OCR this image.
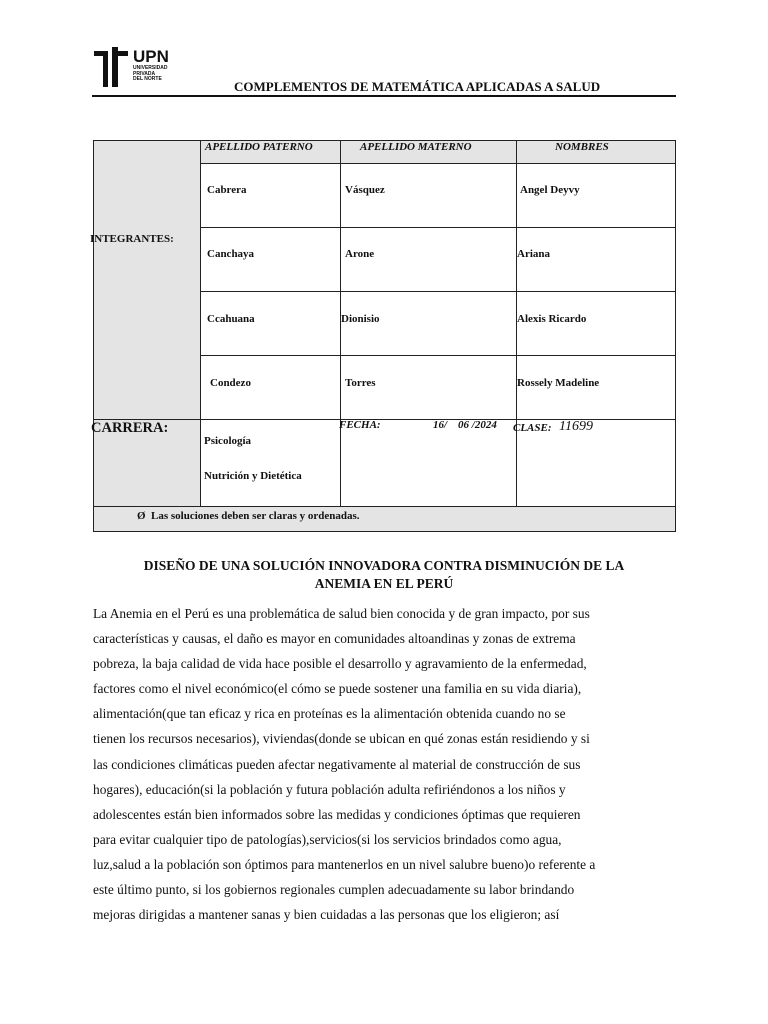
UPN
UNIVERSIDAD
PRIVADA
DEL NORTE	COMPLEMENTOS DE MATEMÁTICA APLICADAS A SALUD
APELLIDO PATERNO	APELLIDO MATERNO	NOMBRES
INTEGRANTES:
Cabrera	Vásquez	Angel Deyvy
Canchaya	Arone	Ariana
Ccahuana	Dionisio	Alexis Ricardo
Condezo	Torres	Rossely Madeline
CARRERA:
Psicología
Nutrición y Dietética
FECHA:	16/    06 /2024 CLASE: 11699
Ø Las soluciones deben ser claras y ordenadas.
DISEÑO DE UNA SOLUCIÓN INNOVADORA CONTRA DISMINUCIÓN DE LA
ANEMIA EN EL PERÚ
La Anemia en el Perú es una problemática de salud bien conocida y de gran impacto, por sus
características y causas, el daño es mayor en comunidades altoandinas y zonas de extrema
pobreza, la baja calidad de vida hace posible el desarrollo y agravamiento de la enfermedad,
factores como el nivel económico(el cómo se puede sostener una familia en su vida diaria),
alimentación(que tan eficaz y rica en proteínas es la alimentación obtenida cuando no se
tienen los recursos necesarios), viviendas(donde se ubican en qué zonas están residiendo y si
las condiciones climáticas pueden afectar negativamente al material de construcción de sus
hogares), educación(si la población y futura población adulta refiriéndonos a los niños y
adolescentes están bien informados sobre las medidas y condiciones óptimas que requieren
para evitar cualquier tipo de patologías),servicios(si los servicios brindados como agua,
luz,salud a la población son óptimos para mantenerlos en un nivel salubre bueno)o referente a
este último punto, si los gobiernos regionales cumplen adecuadamente su labor brindando
mejoras dirigidas a mantener sanas y bien cuidadas a las personas que los eligieron; así
